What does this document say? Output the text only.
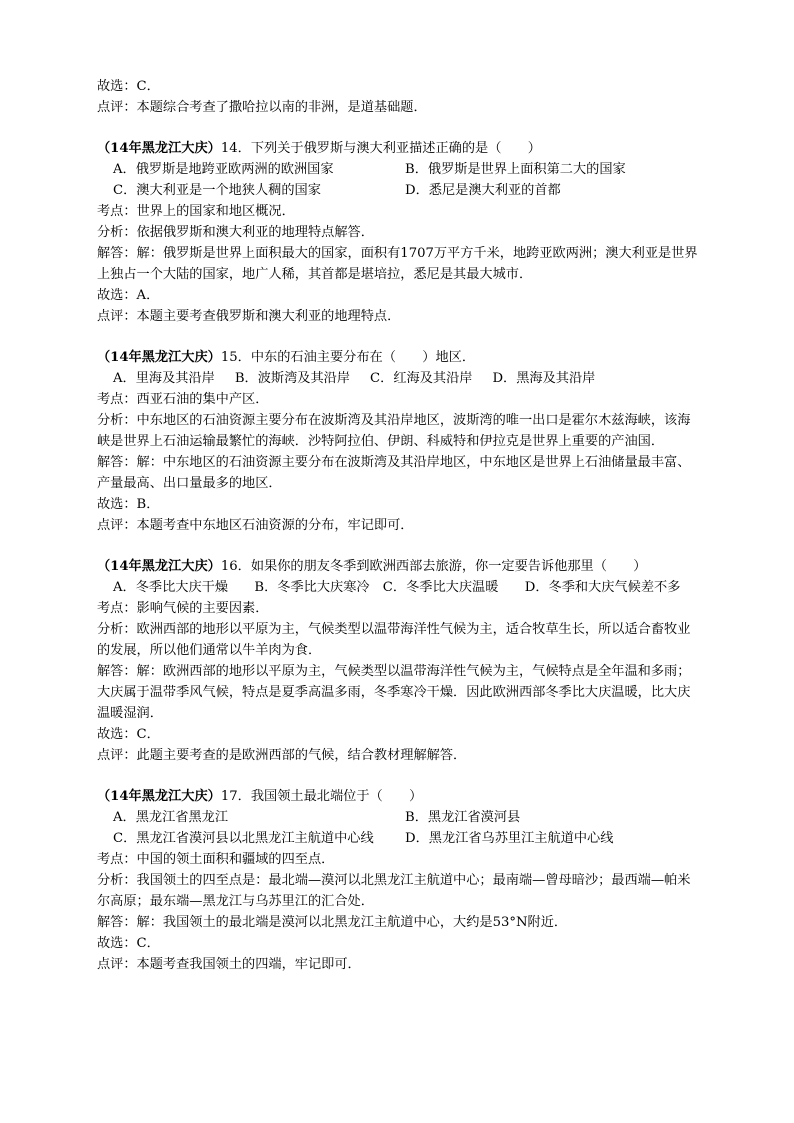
故选：C．
点评：本题综合考查了撒哈拉以南的非洲，是道基础题．
（14年黑龙江大庆）14．下列关于俄罗斯与澳大利亚描述正确的是（　　）
A．俄罗斯是地跨亚欧两洲的欧洲国家	B．俄罗斯是世界上面积第二大的国家
C．澳大利亚是一个地狭人稠的国家	D．悉尼是澳大利亚的首都
考点：世界上的国家和地区概况．
分析：依据俄罗斯和澳大利亚的地理特点解答．
解答：解：俄罗斯是世界上面积最大的国家，面积有1707万平方千米，地跨亚欧两洲；澳大利亚是世界上独占一个大陆的国家，地广人稀，其首都是堪培拉，悉尼是其最大城市．
故选：A．
点评：本题主要考查俄罗斯和澳大利亚的地理特点．
（14年黑龙江大庆）15．中东的石油主要分布在（　　）地区．
A．里海及其沿岸 B．波斯湾及其沿岸 C．红海及其沿岸 D．黑海及其沿岸
考点：西亚石油的集中产区．
分析：中东地区的石油资源主要分布在波斯湾及其沿岸地区，波斯湾的唯一出口是霍尔木兹海峡，该海峡是世界上石油运输最繁忙的海峡．沙特阿拉伯、伊朗、科威特和伊拉克是世界上重要的产油国．
解答：解：中东地区的石油资源主要分布在波斯湾及其沿岸地区，中东地区是世界上石油储量最丰富、产量最高、出口量最多的地区．
故选：B．
点评：本题考查中东地区石油资源的分布，牢记即可．
（14年黑龙江大庆）16．如果你的朋友冬季到欧洲西部去旅游，你一定要告诉他那里（　　）
A．冬季比大庆干燥　　 B．冬季比大庆寒冷　 C．冬季比大庆温暖　　 D．冬季和大庆气候差不多
考点：影响气候的主要因素．
分析：欧洲西部的地形以平原为主，气候类型以温带海洋性气候为主，适合牧草生长，所以适合畜牧业的发展，所以他们通常以牛羊肉为食．
解答：解：欧洲西部的地形以平原为主，气候类型以温带海洋性气候为主，气候特点是全年温和多雨；大庆属于温带季风气候，特点是夏季高温多雨，冬季寒冷干燥．因此欧洲西部冬季比大庆温暖，比大庆温暖湿润．
故选：C．
点评：此题主要考查的是欧洲西部的气候，结合教材理解解答．
（14年黑龙江大庆）17．我国领土最北端位于（　　）
A．黑龙江省黑龙江	B．黑龙江省漠河县
C．黑龙江省漠河县以北黑龙江主航道中心线	D．黑龙江省乌苏里江主航道中心线
考点：中国的领土面积和疆域的四至点．
分析：我国领土的四至点是：最北端—漠河以北黑龙江主航道中心；最南端—曾母暗沙；最西端—帕米尔高原；最东端—黑龙江与乌苏里江的汇合处．
解答：解：我国领土的最北端是漠河以北黑龙江主航道中心，大约是53°N附近．
故选：C．
点评：本题考查我国领土的四端，牢记即可．
